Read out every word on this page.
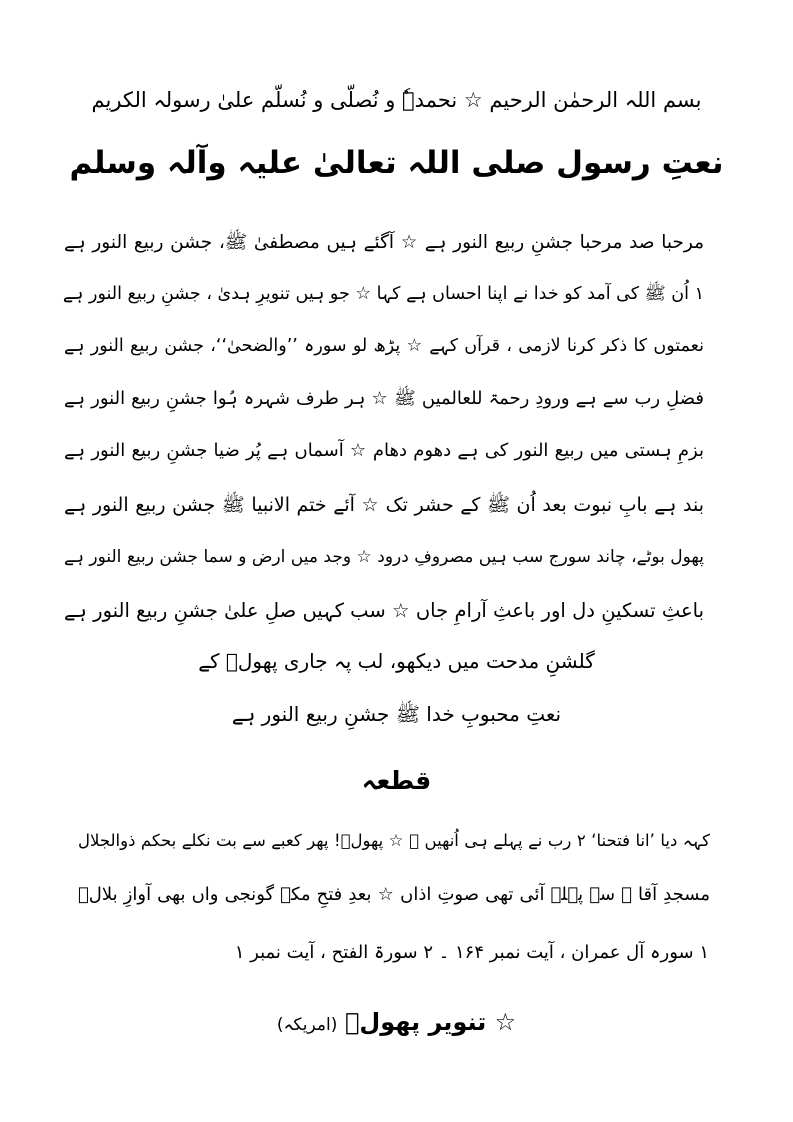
بسم اللہ الرحمٰن الرحیم ☆ نحمدہٗ و نُصلّی و نُسلّم علیٰ رسولہ الکریم
نعتِ رسول صلی اللہ تعالیٰ علیہ وآلہ وسلم
مرحبا صد مرحبا جشنِ ربیع النور ہے ☆ آگئے ہیں مصطفیٰ ﷺ، جشن ربیع النور ہے
۱ اُن ﷺ کی آمد کو خدا نے اپنا احساں ہے کہا ☆ جو ہیں تنویرِ ہدیٰ ، جشنِ ربیع النور ہے
نعمتوں کا ذکر کرنا لازمی ، قرآں کہے ☆ پڑھ لو سورہ ’’والضحیٰ‘‘، جشن ربیع النور ہے
فضلِ رب سے ہے ورودِ رحمۃ للعالمیں ﷺ ☆ ہر طرف شہرہ ہُوا جشنِ ربیع النور ہے
بزمِ ہستی میں ربیع النور کی ہے دھوم دھام ☆ آسماں ہے پُر ضیا جشنِ ربیع النور ہے
بند ہے بابِ نبوت بعد اُن ﷺ کے حشر تک ☆ آئے ختم الانبیا ﷺ جشن ربیع النور ہے
پھول بوٹے، چاند سورج سب ہیں مصروفِ درود ☆ وجد میں ارض و سما جشن ربیع النور ہے
باعثِ تسکینِ دل اور باعثِ آرامِ جاں ☆ سب کہیں صلِ علیٰ جشنِ ربیع النور ہے
گلشنِ مدحت میں دیکھو، لب پہ جاری پھولؔ کے
نعتِ محبوبِ خدا ﷺ جشنِ ربیع النور ہے
قطعہ
کہہ دیا ’انا فتحنا‘ ۲ رب نے پہلے ہی اُنھیں ﷺ ☆ پھولؔ! پھر کعبے سے بت نکلے بحکم ذوالجلال
مسجدِ آقا ﷺ سے پہلے آئی تھی صوتِ اذاں ☆ بعدِ فتحِ مکہ گونجی واں بھی آوازِ بلالؓ
۱ سورہ آل عمران ، آیت نمبر ۱۶۴ ۔ ۲ سورۃ الفتح ، آیت نمبر ۱
☆ تنویر پھولؔ (امریکہ)
